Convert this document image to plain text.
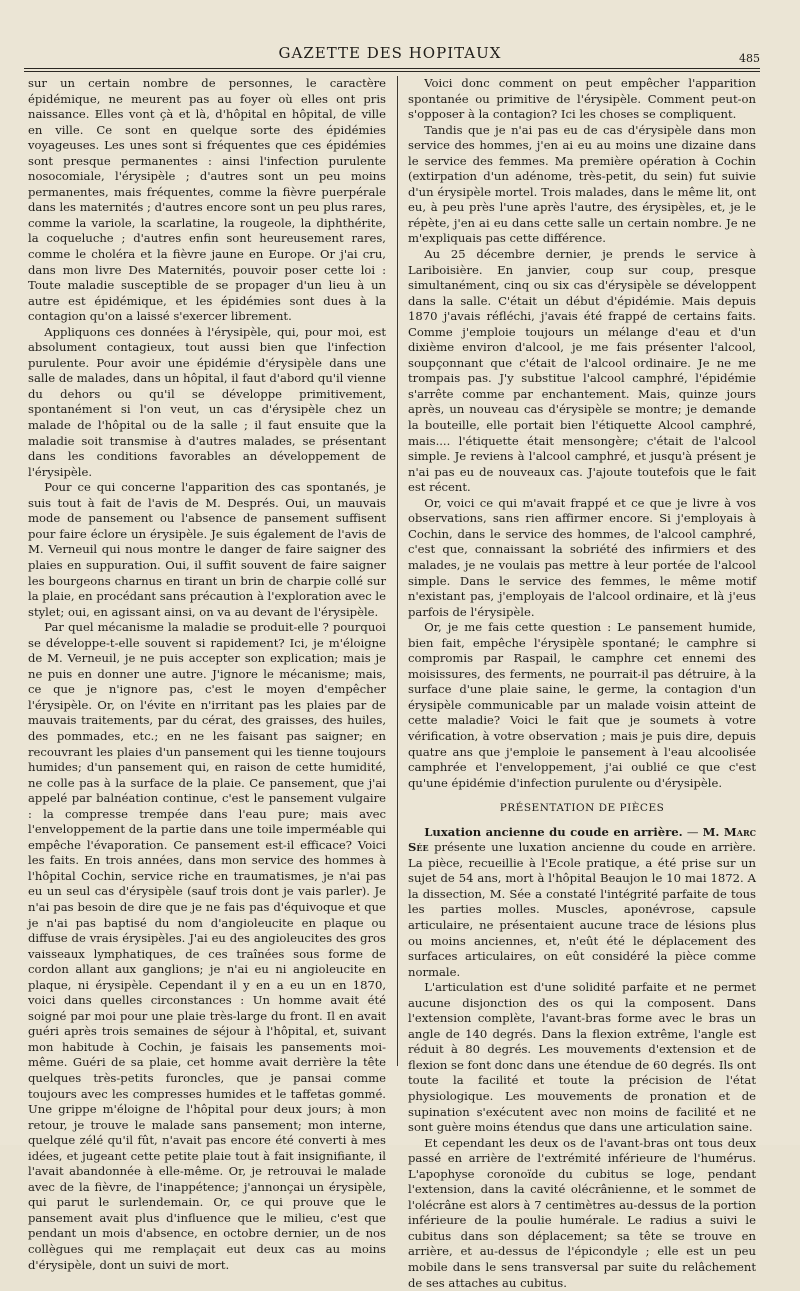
GAZETTE DES HOPITAUX	485

sur un certain nombre de personnes, le caractère épidémique, ne meurent pas au foyer où elles ont pris naissance. Elles vont çà et là, d'hôpital en hôpital, de ville en ville. Ce sont en quelque sorte des épidémies voyageuses. Les unes sont si fréquentes que ces épidémies sont presque permanentes : ainsi l'infection purulente nosocomiale, l'érysipèle ; d'autres sont un peu moins permanentes, mais fréquentes, comme la fièvre puerpérale dans les maternités ; d'autres encore sont un peu plus rares, comme la variole, la scarlatine, la rougeole, la diphthérite, la coqueluche ; d'autres enfin sont heureusement rares, comme le choléra et la fièvre jaune en Europe. Or j'ai cru, dans mon livre Des Maternités, pouvoir poser cette loi : Toute maladie susceptible de se propager d'un lieu à un autre est épidémique, et les épidémies sont dues à la contagion qu'on a laissé s'exercer librement.

Appliquons ces données à l'érysipèle, qui, pour moi, est absolument contagieux, tout aussi bien que l'infection purulente. Pour avoir une épidémie d'érysipèle dans une salle de malades, dans un hôpital, il faut d'abord qu'il vienne du dehors ou qu'il se développe primitivement, spontanément si l'on veut, un cas d'érysipèle chez un malade de l'hôpital ou de la salle ; il faut ensuite que la maladie soit transmise à d'autres malades, se présentant dans les conditions favorables an développement de l'érysipèle.

Pour ce qui concerne l'apparition des cas spontanés, je suis tout à fait de l'avis de M. Després. Oui, un mauvais mode de pansement ou l'absence de pansement suffisent pour faire éclore un érysipèle. Je suis également de l'avis de M. Verneuil qui nous montre le danger de faire saigner des plaies en suppuration. Oui, il suffit souvent de faire saigner les bourgeons charnus en tirant un brin de charpie collé sur la plaie, en procédant sans précaution à l'exploration avec le stylet; oui, en agissant ainsi, on va au devant de l'érysipèle.

Par quel mécanisme la maladie se produit-elle ? pourquoi se développe-t-elle souvent si rapidement? Ici, je m'éloigne de M. Verneuil, je ne puis accepter son explication; mais je ne puis en donner une autre. J'ignore le mécanisme; mais, ce que je n'ignore pas, c'est le moyen d'empêcher l'érysipèle. Or, on l'évite en n'irritant pas les plaies par de mauvais traitements, par du cérat, des graisses, des huiles, des pommades, etc.; en ne les faisant pas saigner; en recouvrant les plaies d'un pansement qui les tienne toujours humides; d'un pansement qui, en raison de cette humidité, ne colle pas à la surface de la plaie. Ce pansement, que j'ai appelé par balnéation continue, c'est le pansement vulgaire : la compresse trempée dans l'eau pure; mais avec l'enveloppement de la partie dans une toile imperméable qui empêche l'évaporation. Ce pansement est-il efficace? Voici les faits. En trois années, dans mon service des hommes à l'hôpital Cochin, service riche en traumatismes, je n'ai pas eu un seul cas d'érysipèle (sauf trois dont je vais parler). Je n'ai pas besoin de dire que je ne fais pas d'équivoque et que je n'ai pas baptisé du nom d'angioleucite en plaque ou diffuse de vrais érysipèles. J'ai eu des angioleucites des gros vaisseaux lymphatiques, de ces traînées sous forme de cordon allant aux ganglions; je n'ai eu ni angioleucite en plaque, ni érysipèle. Cependant il y en a eu un en 1870, voici dans quelles circonstances : Un homme avait été soigné par moi pour une plaie très-large du front. Il en avait guéri après trois semaines de séjour à l'hôpital, et, suivant mon habitude à Cochin, je faisais les pansements moi-même. Guéri de sa plaie, cet homme avait derrière la tête quelques très-petits furoncles, que je pansai comme toujours avec les compresses humides et le taffetas gommé. Une grippe m'éloigne de l'hôpital pour deux jours; à mon retour, je trouve le malade sans pansement; mon interne, quelque zélé qu'il fût, n'avait pas encore été converti à mes idées, et jugeant cette petite plaie tout à fait insignifiante, il l'avait abandonnée à elle-même. Or, je retrouvai le malade avec de la fièvre, de l'inappétence; j'annonçai un érysipèle, qui parut le surlendemain. Or, ce qui prouve que le pansement avait plus d'influence que le milieu, c'est que pendant un mois d'absence, en octobre dernier, un de nos collègues qui me remplaçait eut deux cas au moins d'érysipèle, dont un suivi de mort.

Voici donc comment on peut empêcher l'apparition spontanée ou primitive de l'érysipèle. Comment peut-on s'opposer à la contagion? Ici les choses se compliquent.

Tandis que je n'ai pas eu de cas d'érysipèle dans mon service des hommes, j'en ai eu au moins une dizaine dans le service des femmes. Ma première opération à Cochin (extirpation d'un adénome, très-petit, du sein) fut suivie d'un érysipèle mortel. Trois malades, dans le même lit, ont eu, à peu près l'une après l'autre, des érysipèles, et, je le répète, j'en ai eu dans cette salle un certain nombre. Je ne m'expliquais pas cette différence.

Au 25 décembre dernier, je prends le service à Lariboisière. En janvier, coup sur coup, presque simultanément, cinq ou six cas d'érysipèle se développent dans la salle. C'était un début d'épidémie. Mais depuis 1870 j'avais réfléchi, j'avais été frappé de certains faits. Comme j'emploie toujours un mélange d'eau et d'un dixième environ d'alcool, je me fais présenter l'alcool, soupçonnant que c'était de l'alcool ordinaire. Je ne me trompais pas. J'y substitue l'alcool camphré, l'épidémie s'arrête comme par enchantement. Mais, quinze jours après, un nouveau cas d'érysipèle se montre; je demande la bouteille, elle portait bien l'étiquette Alcool camphré, mais.... l'étiquette était mensongère; c'était de l'alcool simple. Je reviens à l'alcool camphré, et jusqu'à présent je n'ai pas eu de nouveaux cas. J'ajoute toutefois que le fait est récent.

Or, voici ce qui m'avait frappé et ce que je livre à vos observations, sans rien affirmer encore. Si j'employais à Cochin, dans le service des hommes, de l'alcool camphré, c'est que, connaissant la sobriété des infirmiers et des malades, je ne voulais pas mettre à leur portée de l'alcool simple. Dans le service des femmes, le même motif n'existant pas, j'employais de l'alcool ordinaire, et là j'eus parfois de l'érysipèle.

Or, je me fais cette question : Le pansement humide, bien fait, empêche l'érysipèle spontané; le camphre si compromis par Raspail, le camphre cet ennemi des moisissures, des ferments, ne pourrait-il pas détruire, à la surface d'une plaie saine, le germe, la contagion d'un érysipèle communicable par un malade voisin atteint de cette maladie? Voici le fait que je soumets à votre vérification, à votre observation ; mais je puis dire, depuis quatre ans que j'emploie le pansement à l'eau alcoolisée camphrée et l'enveloppement, j'ai oublié ce que c'est qu'une épidémie d'infection purulente ou d'érysipèle.

PRÉSENTATION DE PIÈCES

Luxation ancienne du coude en arrière. — M. Marc Sée présente une luxation ancienne du coude en arrière. La pièce, recueillie à l'Ecole pratique, a été prise sur un sujet de 54 ans, mort à l'hôpital Beaujon le 10 mai 1872. A la dissection, M. Sée a constaté l'intégrité parfaite de tous les parties molles. Muscles, aponévrose, capsule articulaire, ne présentaient aucune trace de lésions plus ou moins anciennes, et, n'eût été le déplacement des surfaces articulaires, on eût considéré la pièce comme normale.

L'articulation est d'une solidité parfaite et ne permet aucune disjonction des os qui la composent. Dans l'extension complète, l'avant-bras forme avec le bras un angle de 140 degrés. Dans la flexion extrême, l'angle est réduit à 80 degrés. Les mouvements d'extension et de flexion se font donc dans une étendue de 60 degrés. Ils ont toute la facilité et toute la précision de l'état physiologique. Les mouvements de pronation et de supination s'exécutent avec non moins de facilité et ne sont guère moins étendus que dans une articulation saine.

Et cependant les deux os de l'avant-bras ont tous deux passé en arrière de l'extrémité inférieure de l'humérus. L'apophyse coronoïde du cubitus se loge, pendant l'extension, dans la cavité olécrânienne, et le sommet de l'olécrâne est alors à 7 centimètres au-dessus de la portion inférieure de la poulie humérale. Le radius a suivi le cubitus dans son déplacement; sa tête se trouve en arrière, et au-dessus de l'épicondyle ; elle est un peu mobile dans le sens transversal par suite du relâchement de ses attaches au cubitus.
